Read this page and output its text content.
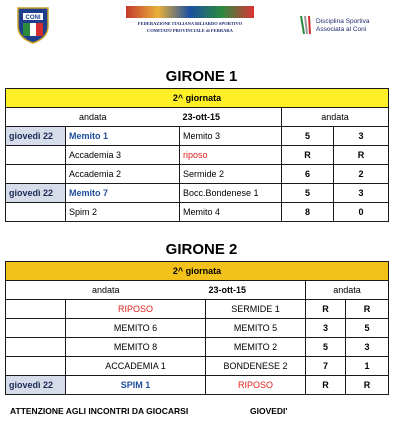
CONI
FEDERAZIONE ITALIANA BILIARDO SPORTIVO
COMITATO PROVINCIALE di FERRARA
Disciplina Sportiva
Associata al Coni
GIRONE 1
2^ giornata				
andata		23-ott-15	andata	
giovedì 22	Memito 1	Memito 3	5	3
	Accademia 3	riposo	R	R
	Accademia 2	Sermide 2	6	2
giovedì 22	Memito 7	Bocc.Bondenese 1	5	3
	Spim 2	Memito 4	8	0
GIRONE 2
2^ giornata				
andata		23-ott-15	andata	
	RIPOSO	SERMIDE 1	R	R
	MEMITO 6	MEMITO 5	3	5
	MEMITO 8	MEMITO 2	5	3
	ACCADEMIA 1	BONDENESE 2	7	1
giovedì 22	SPIM 1	RIPOSO	R	R
ATTENZIONE AGLI INCONTRI DA GIOCARSI	GIOVEDI'
